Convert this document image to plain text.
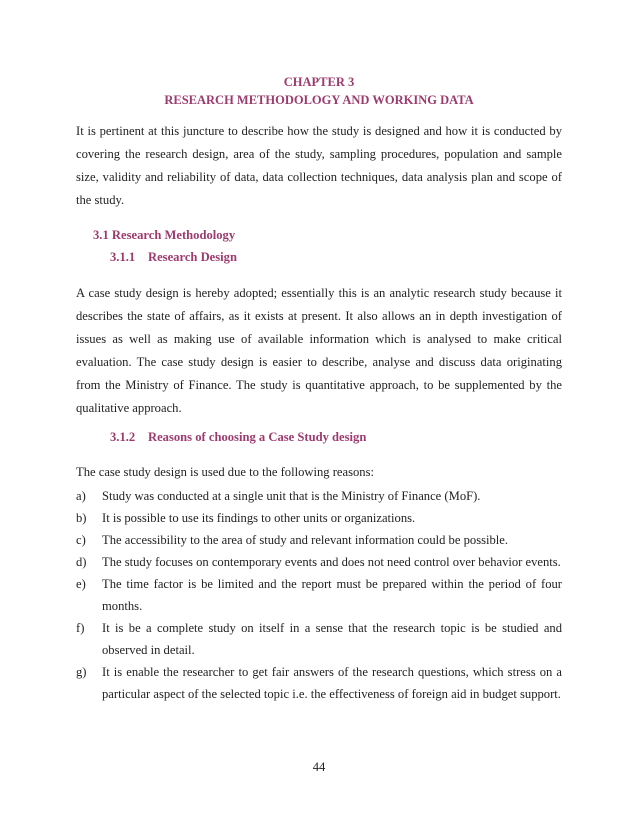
CHAPTER 3
RESEARCH METHODOLOGY AND WORKING DATA

It is pertinent at this juncture to describe how the study is designed and how it is conducted by covering the research design, area of the study, sampling procedures, population and sample size, validity and reliability of data, data collection techniques, data analysis plan and scope of the study.

3.1 Research Methodology
3.1.1 Research Design

A case study design is hereby adopted; essentially this is an analytic research study because it describes the state of affairs, as it exists at present. It also allows an in depth investigation of issues as well as making use of available information which is analysed to make critical evaluation. The case study design is easier to describe, analyse and discuss data originating from the Ministry of Finance. The study is quantitative approach, to be supplemented by the qualitative approach.

3.1.2 Reasons of choosing a Case Study design
The case study design is used due to the following reasons:
a) Study was conducted at a single unit that is the Ministry of Finance (MoF).
b) It is possible to use its findings to other units or organizations.
c) The accessibility to the area of study and relevant information could be possible.
d) The study focuses on contemporary events and does not need control over behavior events.
e) The time factor is be limited and the report must be prepared within the period of four months.
f) It is be a complete study on itself in a sense that the research topic is be studied and observed in detail.
g) It is enable the researcher to get fair answers of the research questions, which stress on a particular aspect of the selected topic i.e. the effectiveness of foreign aid in budget support.
44
